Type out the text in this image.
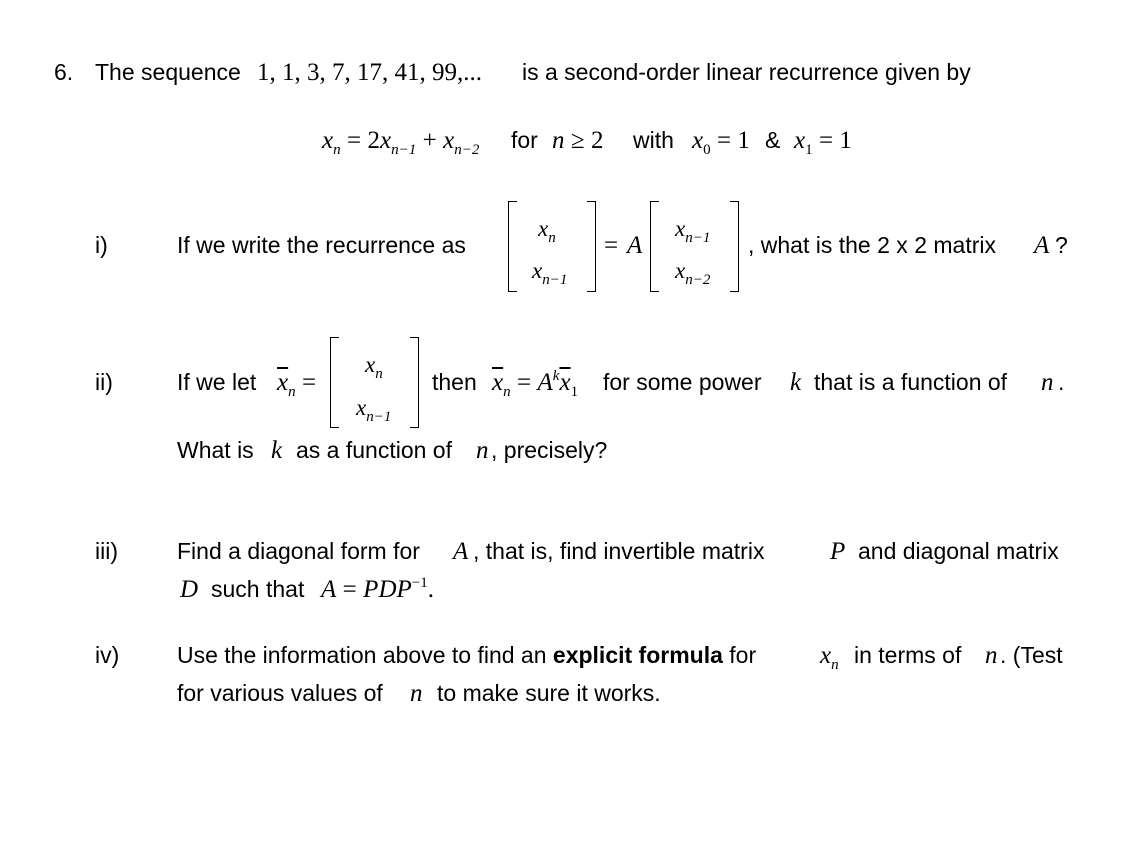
6. The sequence 1, 1, 3, 7, 17, 41, 99,... is a second-order linear recurrence given by
$x_n = 2x_{n-1} + x_{n-2}$ for n ≥ 2 with $x_0 = 1$ & $x_1 = 1$
i)	If we write the recurrence as
$x_n$
$x_{n-1}$
= A
$x_{n-1}$
$x_{n-2}$
, what is the 2 x 2 matrix A ?
ii)	If we let $\overline{x}_n$ =
$x_n$
$x_{n-1}$
then $\overline{x}_n = A^k\overline{x}_1$ for some power k that is a function of n .
What is k as a function of n , precisely?
iii)	Find a diagonal form for A , that is, find invertible matrix	P and diagonal matrix
D such that $A = PDP^{-1}$.
iv)	Use the information above to find an explicit formula for	$x_n$ in terms of n . (Test
for various values of n to make sure it works.
